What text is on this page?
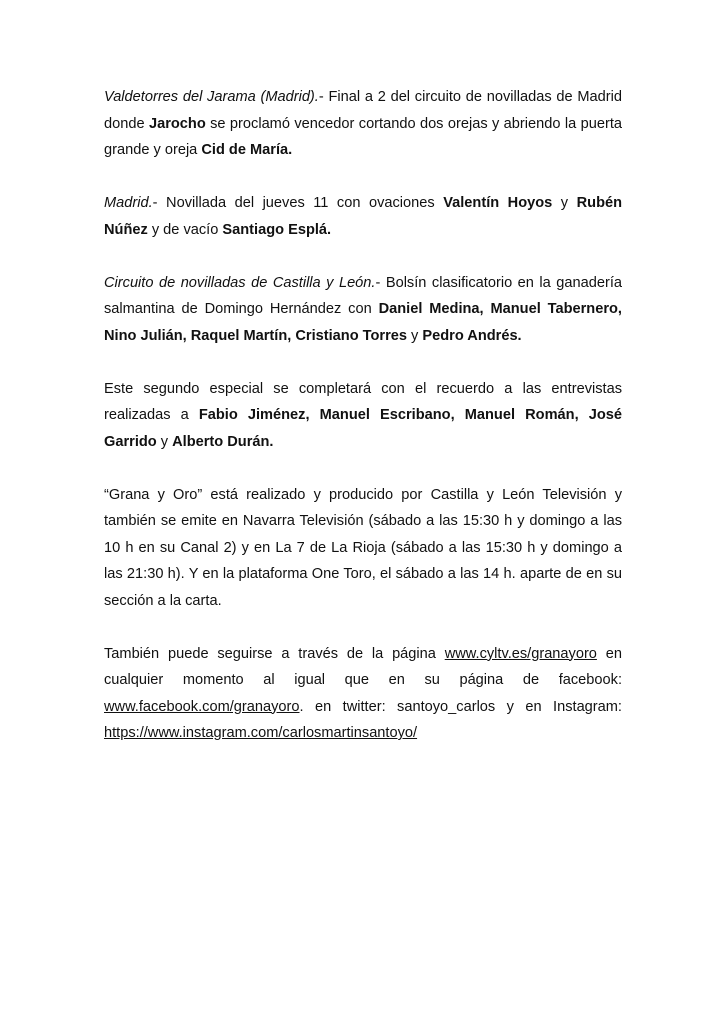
Valdetorres del Jarama (Madrid).- Final a 2 del circuito de novilladas de Madrid donde Jarocho se proclamó vencedor cortando dos orejas y abriendo la puerta grande y oreja Cid de María.

Madrid.- Novillada del jueves 11 con ovaciones Valentín Hoyos y Rubén Núñez y de vacío Santiago Esplá.

Circuito de novilladas de Castilla y León.- Bolsín clasificatorio en la ganadería salmantina de Domingo Hernández con Daniel Medina, Manuel Tabernero, Nino Julián, Raquel Martín, Cristiano Torres y Pedro Andrés.

Este segundo especial se completará con el recuerdo a las entrevistas realizadas a Fabio Jiménez, Manuel Escribano, Manuel Román, José Garrido y Alberto Durán.

“Grana y Oro” está realizado y producido por Castilla y León Televisión y también se emite en Navarra Televisión (sábado a las 15:30 h y domingo a las 10 h en su Canal 2) y en La 7 de La Rioja (sábado a las 15:30 h y domingo a las 21:30 h). Y en la plataforma One Toro, el sábado a las 14 h. aparte de en su sección a la carta.

También puede seguirse a través de la página www.cyltv.es/granayoro en cualquier momento al igual que en su página de facebook: www.facebook.com/granayoro. en twitter: santoyo_carlos y en Instagram: https://www.instagram.com/carlosmartinsantoyo/
